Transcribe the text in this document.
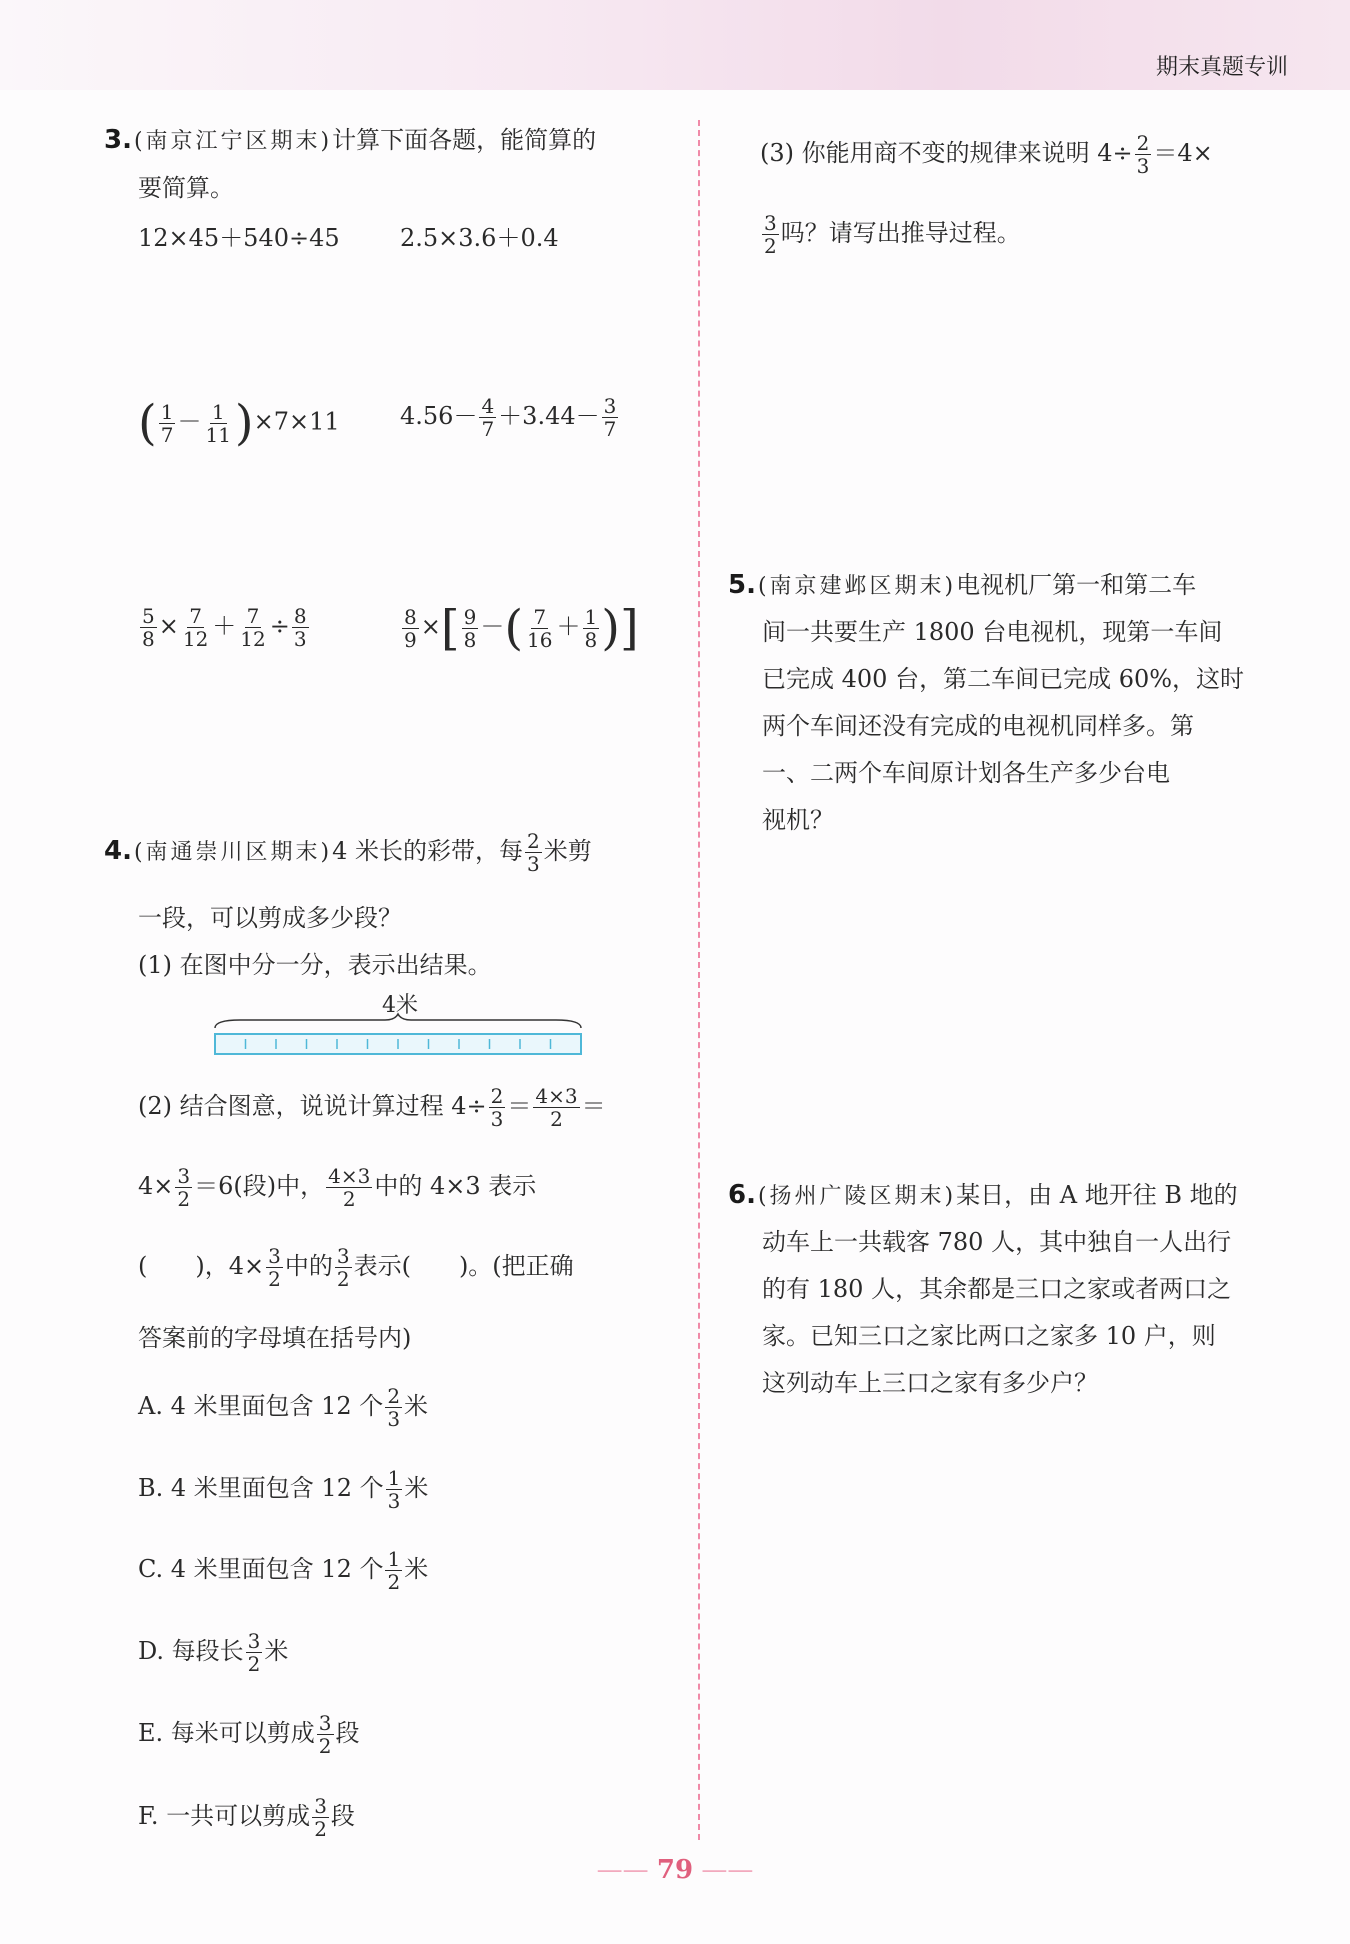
期末真题专训
3.(南京江宁区期末)计算下面各题，能简算的
要简算。
12×45＋540÷45	2.5×3.6＋0.4
( $\frac{1}{7} - \frac{1}{11} )\times 7\times 11$	$4.56- \frac{4}{7} +3.44- \frac{3}{7}$
$\frac{5}{8} \times \frac{7}{12} + \frac{7}{12} \div \frac{8}{3}$	$\frac{8}{9}$ ×[ $\frac{9}{8}$ －( $\frac{7}{16} + \frac{1}{8}$ )]
4.(南通崇川区期末)4 米长的彩带，每 $\frac{2}{3}$ 米剪
一段，可以剪成多少段？
(1) 在图中分一分，表示出结果。
4米
(2) 结合图意，说说计算过程 $4\div \frac{2}{3} = \frac{4\times 3}{2}$ ＝
$4\times \frac{3}{2} =6$(段)中， $\frac{4\times 3}{2}$ 中的 4×3 表示
(　　)，$4\times \frac{3}{2}$ 中的 $\frac{3}{2}$ 表示(　　)。(把正确
答案前的字母填在括号内)
A. 4 米里面包含 12 个 $\frac{2}{3}$ 米
B. 4 米里面包含 12 个 $\frac{1}{3}$ 米
C. 4 米里面包含 12 个 $\frac{1}{2}$ 米
D. 每段长 $\frac{3}{2}$ 米
E. 每米可以剪成 $\frac{3}{2}$ 段
F. 一共可以剪成 $\frac{3}{2}$ 段
(3) 你能用商不变的规律来说明 $4\div \frac{2}{3} =4\times$
$\frac{3}{2}$ 吗？请写出推导过程。
5.(南京建邺区期末)电视机厂第一和第二车
间一共要生产 1800 台电视机，现第一车间
已完成 400 台，第二车间已完成 60%，这时
两个车间还没有完成的电视机同样多。第
一、二两个车间原计划各生产多少台电
视机？
6.(扬州广陵区期末)某日，由 A 地开往 B 地的
动车上一共载客 780 人，其中独自一人出行
的有 180 人，其余都是三口之家或者两口之
家。已知三口之家比两口之家多 10 户，则
这列动车上三口之家有多少户？
—— 79 ——
